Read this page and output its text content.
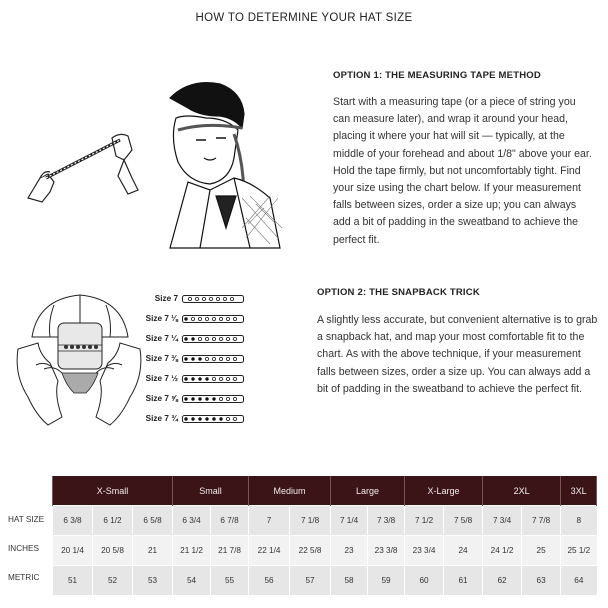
HOW TO DETERMINE YOUR HAT SIZE
OPTION 1: THE MEASURING TAPE METHOD
Start with a measuring tape (or a piece of string you can measure later), and wrap it around your head, placing it where your hat will sit — typically, at the middle of your forehead and about 1/8" above your ear. Hold the tape firmly, but not uncomfortably tight. Find your size using the chart below. If your measurement falls between sizes, order a size up; you can always add a bit of padding in the sweatband to achieve the perfect fit.
Size 7
Size 7 ⅛
Size 7 ¼
Size 7 ⅜
Size 7 ½
Size 7 ⅝
Size 7 ¾
OPTION 2: THE SNAPBACK TRICK
A slightly less accurate, but convenient alternative is to grab a snapback hat, and map your most comfortable fit to the chart. As with the above technique, if your measurement falls between sizes, order a size up. You can always add a bit of padding in the sweatband to achieve the perfect fit.
HAT SIZE
INCHES
METRIC
X-Small			Small		Medium		Large		X-Large		2XL		3XL
6 3/8	6 1/2	6 5/8	6 3/4	6 7/8	7	7 1/8	7 1/4	7 3/8	7 1/2	7 5/8	7 3/4	7 7/8	8
20 1/4	20 5/8	21	21 1/2	21 7/8	22 1/4	22 5/8	23	23 3/8	23 3/4	24	24 1/2	25	25 1/2
51	52	53	54	55	56	57	58	59	60	61	62	63	64
